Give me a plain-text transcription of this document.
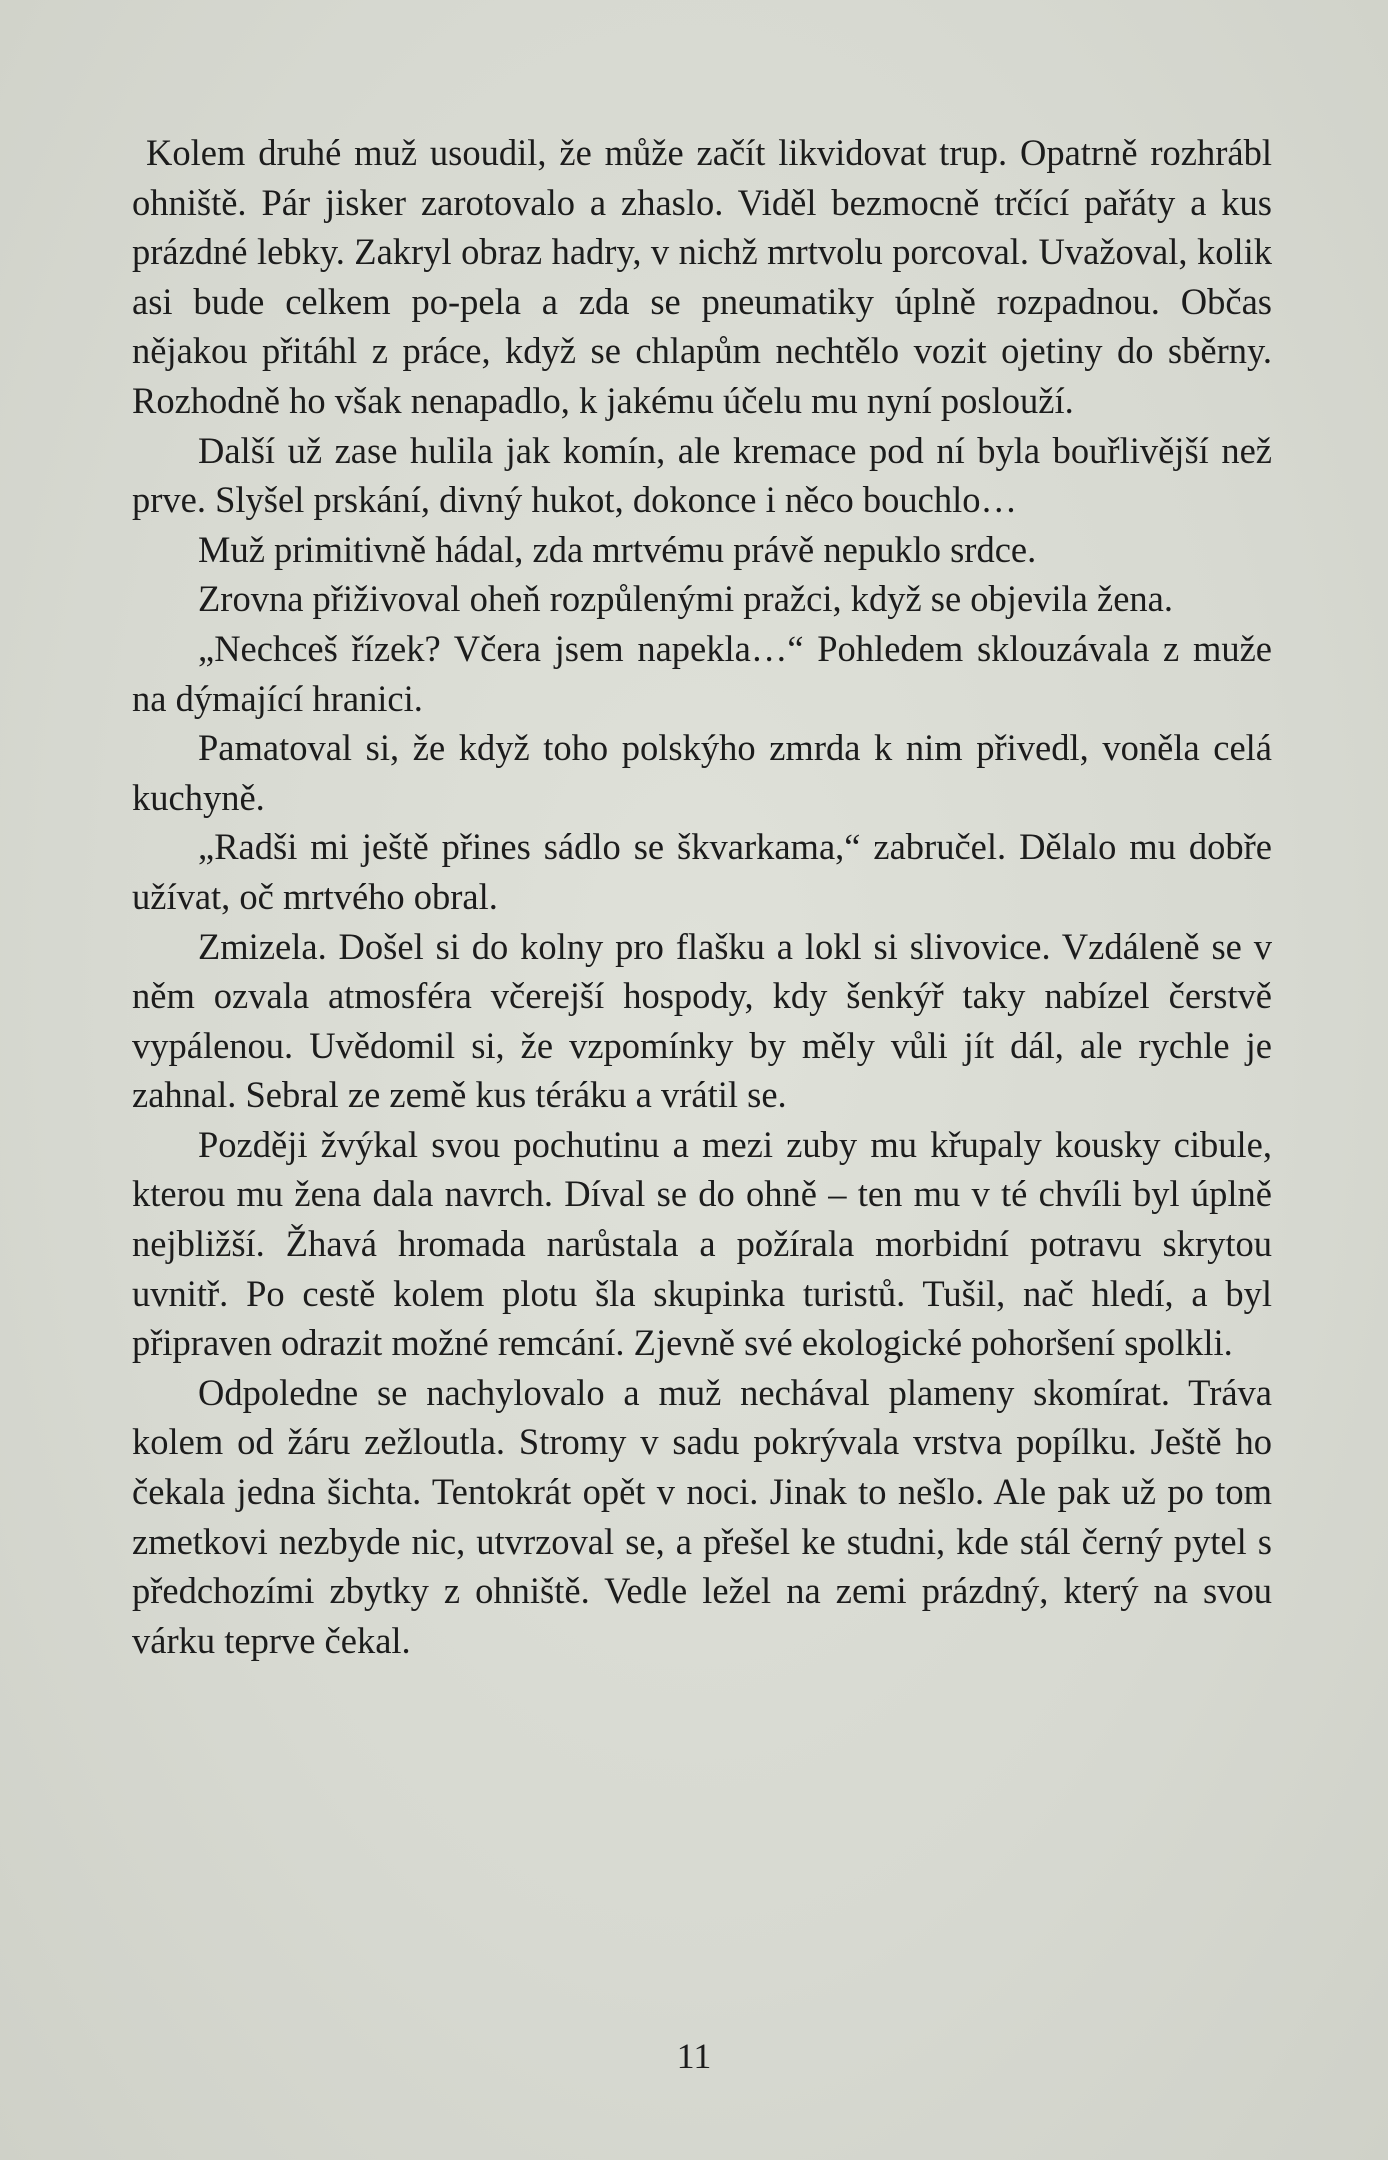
Kolem druhé muž usoudil, že může začít likvidovat trup. Opatrně rozhrábl ohniště. Pár jisker zarotovalo a zhaslo. Viděl bezmocně trčící pařáty a kus prázdné lebky. Zakryl obraz hadry, v nichž mrtvolu porcoval. Uvažoval, kolik asi bude celkem po-pela a zda se pneumatiky úplně rozpadnou. Občas nějakou přitáhl z práce, když se chlapům nechtělo vozit ojetiny do sběrny. Rozhodně ho však nenapadlo, k jakému účelu mu nyní poslouží.

Další už zase hulila jak komín, ale kremace pod ní byla bouřlivější než prve. Slyšel prskání, divný hukot, dokonce i něco bouchlo…

Muž primitivně hádal, zda mrtvému právě nepuklo srdce.

Zrovna přiživoval oheň rozpůlenými pražci, když se objevila žena.

„Nechceš řízek? Včera jsem napekla…“ Pohledem sklouzávala z muže na dýmající hranici.

Pamatoval si, že když toho polskýho zmrda k nim přivedl, voněla celá kuchyně.

„Radši mi ještě přines sádlo se škvarkama,“ zabručel. Dělalo mu dobře užívat, oč mrtvého obral.

Zmizela. Došel si do kolny pro flašku a lokl si slivovice. Vzdáleně se v něm ozvala atmosféra včerejší hospody, kdy šenkýř taky nabízel čerstvě vypálenou. Uvědomil si, že vzpomínky by měly vůli jít dál, ale rychle je zahnal. Sebral ze země kus téráku a vrátil se.

Později žvýkal svou pochutinu a mezi zuby mu křupaly kousky cibule, kterou mu žena dala navrch. Díval se do ohně – ten mu v té chvíli byl úplně nejbližší. Žhavá hromada narůstala a požírala morbidní potravu skrytou uvnitř. Po cestě kolem plotu šla skupinka turistů. Tušil, nač hledí, a byl připraven odrazit možné remcání. Zjevně své ekologické pohoršení spolkli.

Odpoledne se nachylovalo a muž nechával plameny skomírat. Tráva kolem od žáru zežloutla. Stromy v sadu pokrývala vrstva popílku. Ještě ho čekala jedna šichta. Tentokrát opět v noci. Jinak to nešlo. Ale pak už po tom zmetkovi nezbyde nic, utvrzoval se, a přešel ke studni, kde stál černý pytel s předchozími zbytky z ohniště. Vedle ležel na zemi prázdný, který na svou várku teprve čekal.

11
